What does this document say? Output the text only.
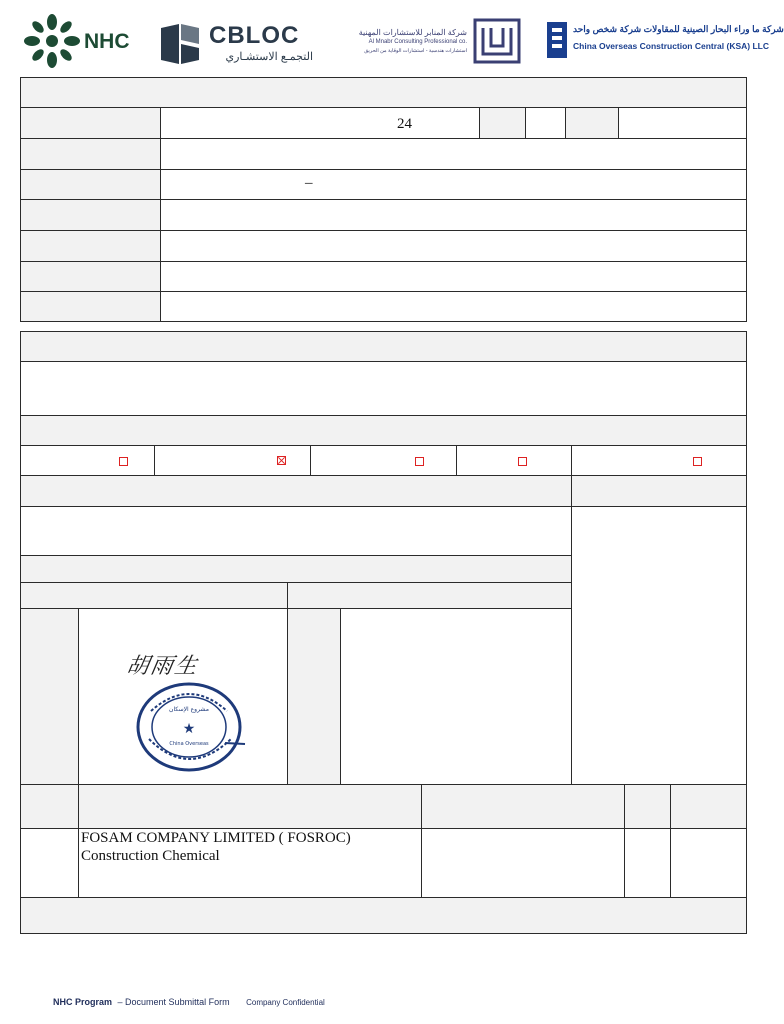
NHC	CBLOC
التجمـع الاستشـاري
شركة المنابر للاستشارات المهنية
Al Mnabr Consulting Professional co.
استشارات هندسية - استشارات الوقاية من الحريق
شركة ما وراء البحار الصينية للمقاولات شركة شخص واحد
China Overseas Construction Central (KSA) LLC
24
–
胡雨生
مشروع الإسكان
★
China Overseas
FOSAM COMPANY LIMITED ( FOSROC)
Construction Chemical
NHC Program – Document Submittal Form Company Confidential
